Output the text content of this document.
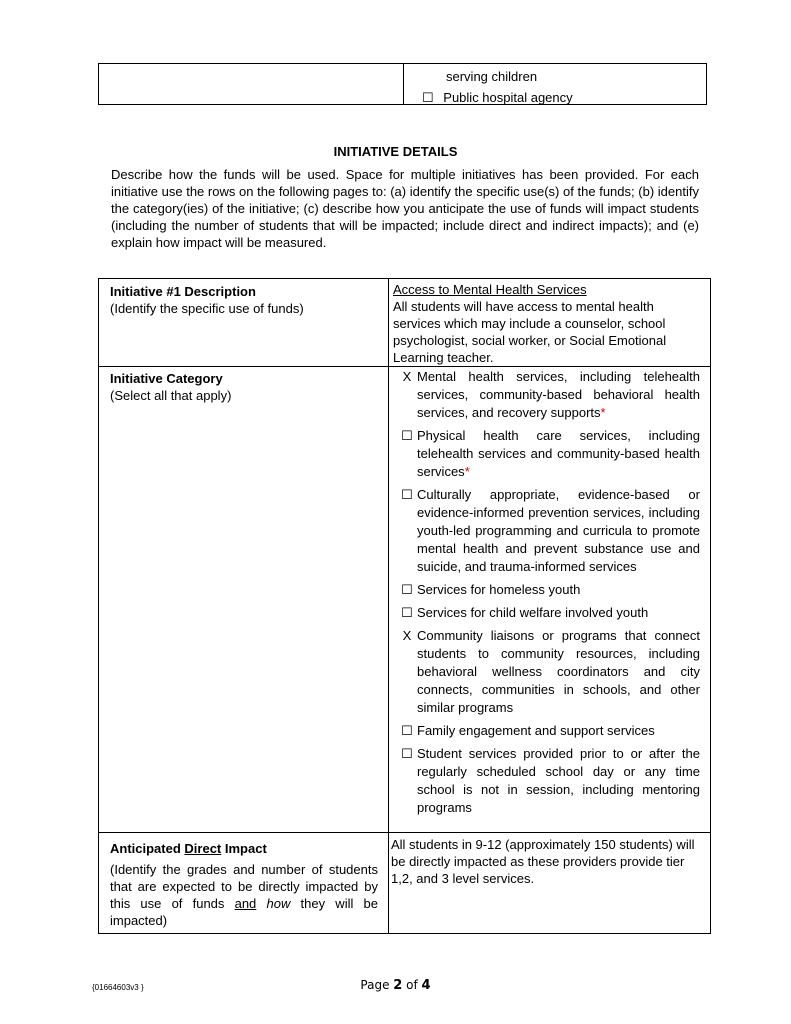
serving children
☐ Public hospital agency
INITIATIVE DETAILS
Describe how the funds will be used. Space for multiple initiatives has been provided. For each initiative use the rows on the following pages to: (a) identify the specific use(s) of the funds; (b) identify the category(ies) of the initiative; (c) describe how you anticipate the use of funds will impact students (including the number of students that will be impacted; include direct and indirect impacts); and (e) explain how impact will be measured.
Initiative #1 Description
(Identify the specific use of funds)
Access to Mental Health Services
All students will have access to mental health services which may include a counselor, school psychologist, social worker, or Social Emotional Learning teacher.
Initiative Category
(Select all that apply)
X Mental health services, including telehealth services, community-based behavioral health services, and recovery supports*
☐ Physical health care services, including telehealth services and community-based health services*
☐ Culturally appropriate, evidence-based or evidence-informed prevention services, including youth-led programming and curricula to promote mental health and prevent substance use and suicide, and trauma-informed services
☐ Services for homeless youth
☐ Services for child welfare involved youth
X Community liaisons or programs that connect students to community resources, including behavioral wellness coordinators and city connects, communities in schools, and other similar programs
☐ Family engagement and support services
☐ Student services provided prior to or after the regularly scheduled school day or any time school is not in session, including mentoring programs
Anticipated Direct Impact
(Identify the grades and number of students that are expected to be directly impacted by this use of funds and how they will be impacted)
All students in 9-12 (approximately 150 students) will be directly impacted as these providers provide tier 1,2, and 3 level services.
{01664603v3 }	Page 2 of 4
